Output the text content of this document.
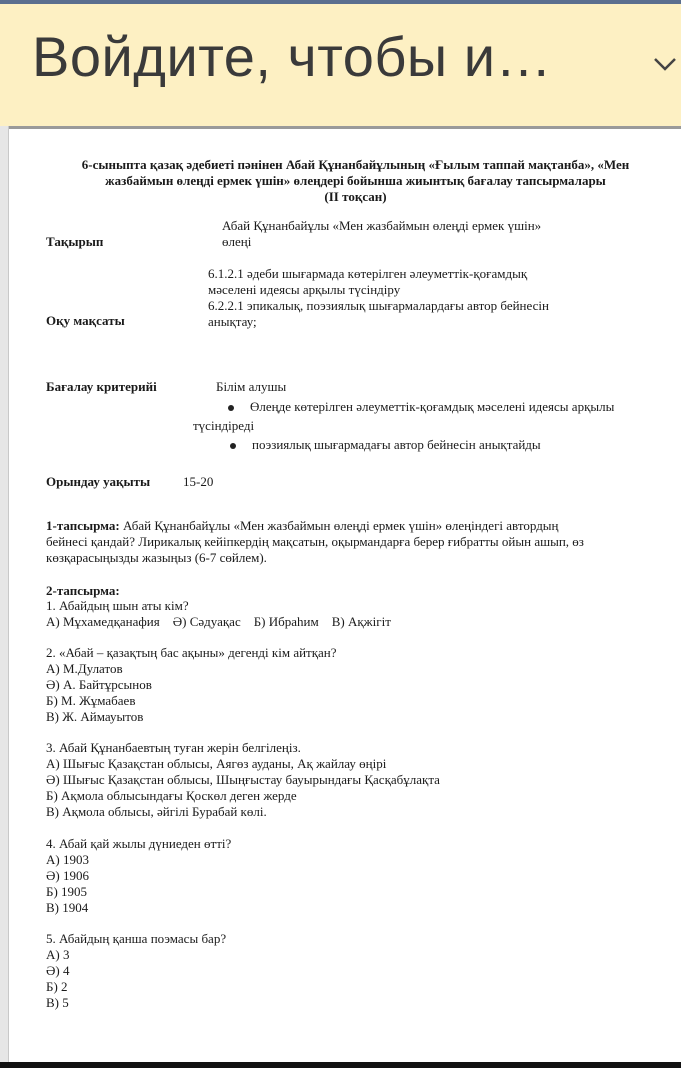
Войдите, чтобы и…
6-сыныпта қазақ әдебиеті пәнінен Абай Құнанбайұлының «Ғылым таппай мақтанба», «Мен
жазбаймын өлеңді ермек үшін» өлеңдері бойынша жиынтық бағалау тапсырмалары
(ІІ тоқсан)
Тақырып
Абай Құнанбайұлы «Мен жазбаймын өлеңді ермек үшін»
өлеңі
Оқу мақсаты
6.1.2.1 әдеби шығармада көтерілген әлеуметтік-қоғамдық
мәселені идеясы арқылы түсіндіру
6.2.2.1 эпикалық, поэзиялық шығармалардағы автор бейнесін
анықтау;
Бағалау критерийі	Білім алушы
Өлеңде көтерілген әлеуметтік-қоғамдық мәселені идеясы арқылы
түсіндіреді
поэзиялық шығармадағы автор бейнесін анықтайды
Орындау уақыты	15-20
1-тапсырма: Абай Құнанбайұлы «Мен жазбаймын өлеңді ермек үшін» өлеңіндегі автордың
бейнесі қандай? Лирикалық кейіпкердің мақсатын, оқырмандарға берер ғибратты ойын ашып, өз
көзқарасыңызды жазыңыз (6-7 сөйлем).
2-тапсырма:
1. Абайдың шын аты кім?
А) Мұхамедқанафия    Ә) Сәдуақас    Б) Ибраһим    В) Ақжігіт
2. «Абай – қазақтың бас ақыны» дегенді кім айтқан?
А) М.Дулатов
Ә) А. Байтұрсынов
Б) М. Жұмабаев
В) Ж. Аймауытов
3. Абай Құнанбаевтың туған жерін белгілеңіз.
А) Шығыс Қазақстан облысы, Аягөз ауданы, Ақ жайлау өңірі
Ә) Шығыс Қазақстан облысы, Шыңғыстау бауырындағы Қасқабұлақта
Б) Ақмола облысындағы Қоскөл деген жерде
В) Ақмола облысы, әйгілі Бурабай көлі.
4. Абай қай жылы дүниеден өтті?
А) 1903
Ә) 1906
Б) 1905
В) 1904
5. Абайдың қанша поэмасы бар?
А) 3
Ә) 4
Б) 2
В) 5
